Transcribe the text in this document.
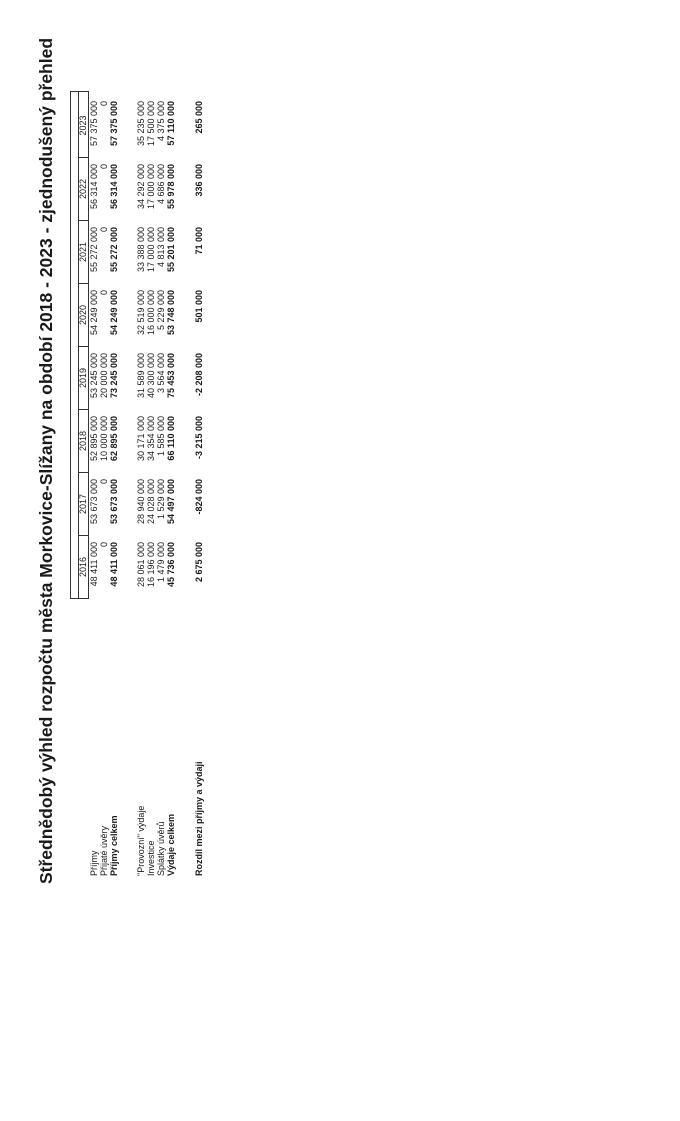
Střednědobý výhled rozpočtu města Morkovice-Slížany na období 2018 - 2023 - zjednodušený přehled 2016
2017
2018
2019
2020
2021
2022
2023
Příjmy
48 411 000
53 673 000
52 895 000
53 245 000
54 249 000
55 272 000
56 314 000
57 375 000
Přijaté úvěry
0
0
10 000 000
20 000 000
0
0
0
0
Příjmy celkem
48 411 000
53 673 000
62 895 000
73 245 000
54 249 000
55 272 000
56 314 000
57 375 000
"Provozní" výdaje
28 061 000
28 940 000
30 171 000
31 589 000
32 519 000
33 388 000
34 292 000
35 235 000
Investice
16 196 000
24 028 000
34 354 000
40 300 000
16 000 000
17 000 000
17 000 000
17 500 000
Splátky úvěrů
1 479 000
1 529 000
1 585 000
3 564 000
5 229 000
4 813 000
4 686 000
4 375 000
Výdaje celkem
45 736 000
54 497 000
66 110 000
75 453 000
53 748 000
55 201 000
55 978 000
57 110 000
Rozdíl mezi příjmy a výdaji
2 675 000
-824 000
-3 215 000
-2 208 000
501 000
71 000
336 000
265 000
